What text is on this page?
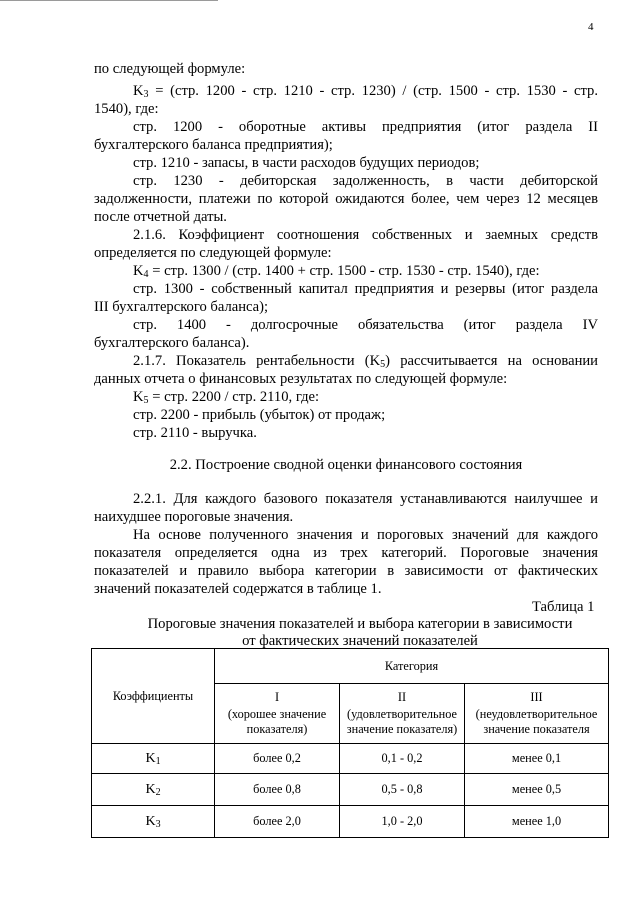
4

по следующей формуле:

$K_3 = (стр$. 1200 - стр. 1210 - стр. 1230) / (стр. 1500 - стр. 1530 - стр.

1540), где:

стр. 1200 - оборотные активы предприятия (итог раздела II

бухгалтерского баланса предприятия);

стр. 1210 - запасы, в части расходов будущих периодов;

стр. 1230 - дебиторская задолженность, в части дебиторской

задолженности, платежи по которой ожидаются более, чем через 12 месяцев

после отчетной даты.

2.1.6. Коэффициент соотношения собственных и заемных средств

определяется по следующей формуле:

$K_4$ = стр. 1300 / (стр. 1400 + стр. 1500 - стр. 1530 - стр. 1540), где:

стр. 1300 - собственный капитал предприятия и резервы (итог раздела

III бухгалтерского баланса);

стр. 1400 - долгосрочные обязательства (итог раздела IV

бухгалтерского баланса).

2.1.7. Показатель рентабельности $(K_5)$ рассчитывается на основании

данных отчета о финансовых результатах по следующей формуле:

$K_5$ = стр. 2200 / стр. 2110, где:

стр. 2200 - прибыль (убыток) от продаж;

стр. 2110 - выручка.

2.2. Построение сводной оценки финансового состояния

2.2.1. Для каждого базового показателя устанавливаются наилучшее и

наихудшее пороговые значения.

На основе полученного значения и пороговых значений для каждого

показателя определяется одна из трех категорий. Пороговые значения

показателей и правило выбора категории в зависимости от фактических

значений показателей содержатся в таблице 1.

Таблица 1

Пороговые значения показателей и выбора категории в зависимости

от фактических значений показателей

Коэффициенты	Категория		

	I
(хорошее значение
показателя)	II
(удовлетворительное
значение показателя)	III
(неудовлетворительное
значение показателя

$K_1$	более 0,2	0,1 - 0,2	менее 0,1
$K_2$	более 0,8	0,5 - 0,8	менее 0,5
$K_3$	более 2,0	1,0 - 2,0	менее 1,0
